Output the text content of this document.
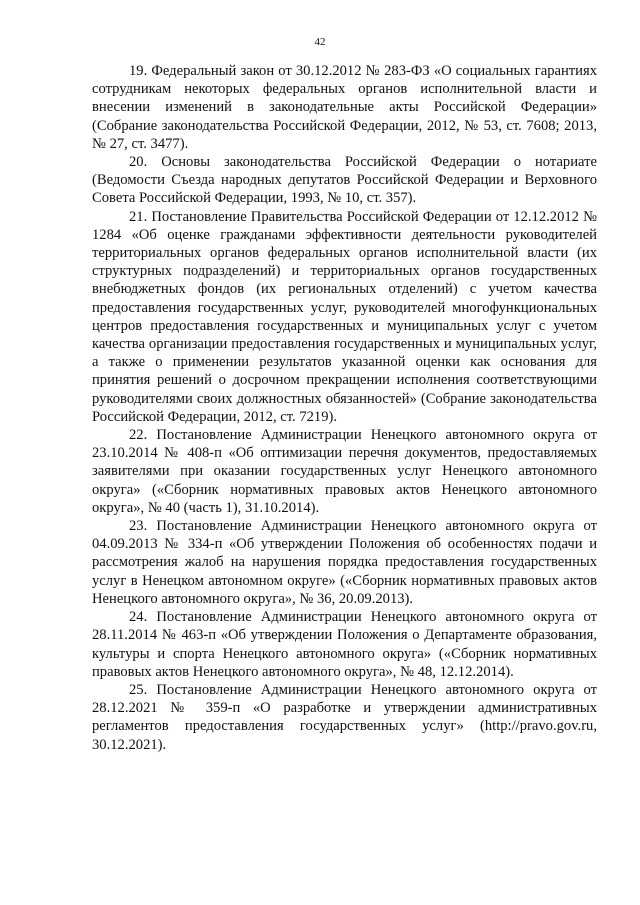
42

19. Федеральный закон от 30.12.2012 № 283-ФЗ «О социальных гарантиях сотрудникам некоторых федеральных органов исполнительной власти и внесении изменений в законодательные акты Российской Федерации» (Собрание законодательства Российской Федерации, 2012, № 53, ст. 7608; 2013, № 27, ст. 3477).

20. Основы законодательства Российской Федерации о нотариате (Ведомости Съезда народных депутатов Российской Федерации и Верховного Совета Российской Федерации, 1993, № 10, ст. 357).

21. Постановление Правительства Российской Федерации от 12.12.2012 № 1284 «Об оценке гражданами эффективности деятельности руководителей территориальных органов федеральных органов исполнительной власти (их структурных подразделений) и территориальных органов государственных внебюджетных фондов (их региональных отделений) с учетом качества предоставления государственных услуг, руководителей многофункциональных центров предоставления государственных и муниципальных услуг с учетом качества организации предоставления государственных и муниципальных услуг, а также о применении результатов указанной оценки как основания для принятия решений о досрочном прекращении исполнения соответствующими руководителями своих должностных обязанностей» (Собрание законодательства Российской Федерации, 2012, ст. 7219).

22. Постановление Администрации Ненецкого автономного округа от 23.10.2014 № 408-п «Об оптимизации перечня документов, предоставляемых заявителями при оказании государственных услуг Ненецкого автономного округа» («Сборник нормативных правовых актов Ненецкого автономного округа», № 40 (часть 1), 31.10.2014).

23. Постановление Администрации Ненецкого автономного округа от 04.09.2013 № 334-п «Об утверждении Положения об особенностях подачи и рассмотрения жалоб на нарушения порядка предоставления государственных услуг в Ненецком автономном округе» («Сборник нормативных правовых актов Ненецкого автономного округа», № 36, 20.09.2013).

24. Постановление Администрации Ненецкого автономного округа от 28.11.2014 № 463-п «Об утверждении Положения о Департаменте образования, культуры и спорта Ненецкого автономного округа» («Сборник нормативных правовых актов Ненецкого автономного округа», № 48, 12.12.2014).

25. Постановление Администрации Ненецкого автономного округа от 28.12.2021 № 359-п «О разработке и утверждении административных регламентов предоставления государственных услуг» (http://pravo.gov.ru, 30.12.2021).
